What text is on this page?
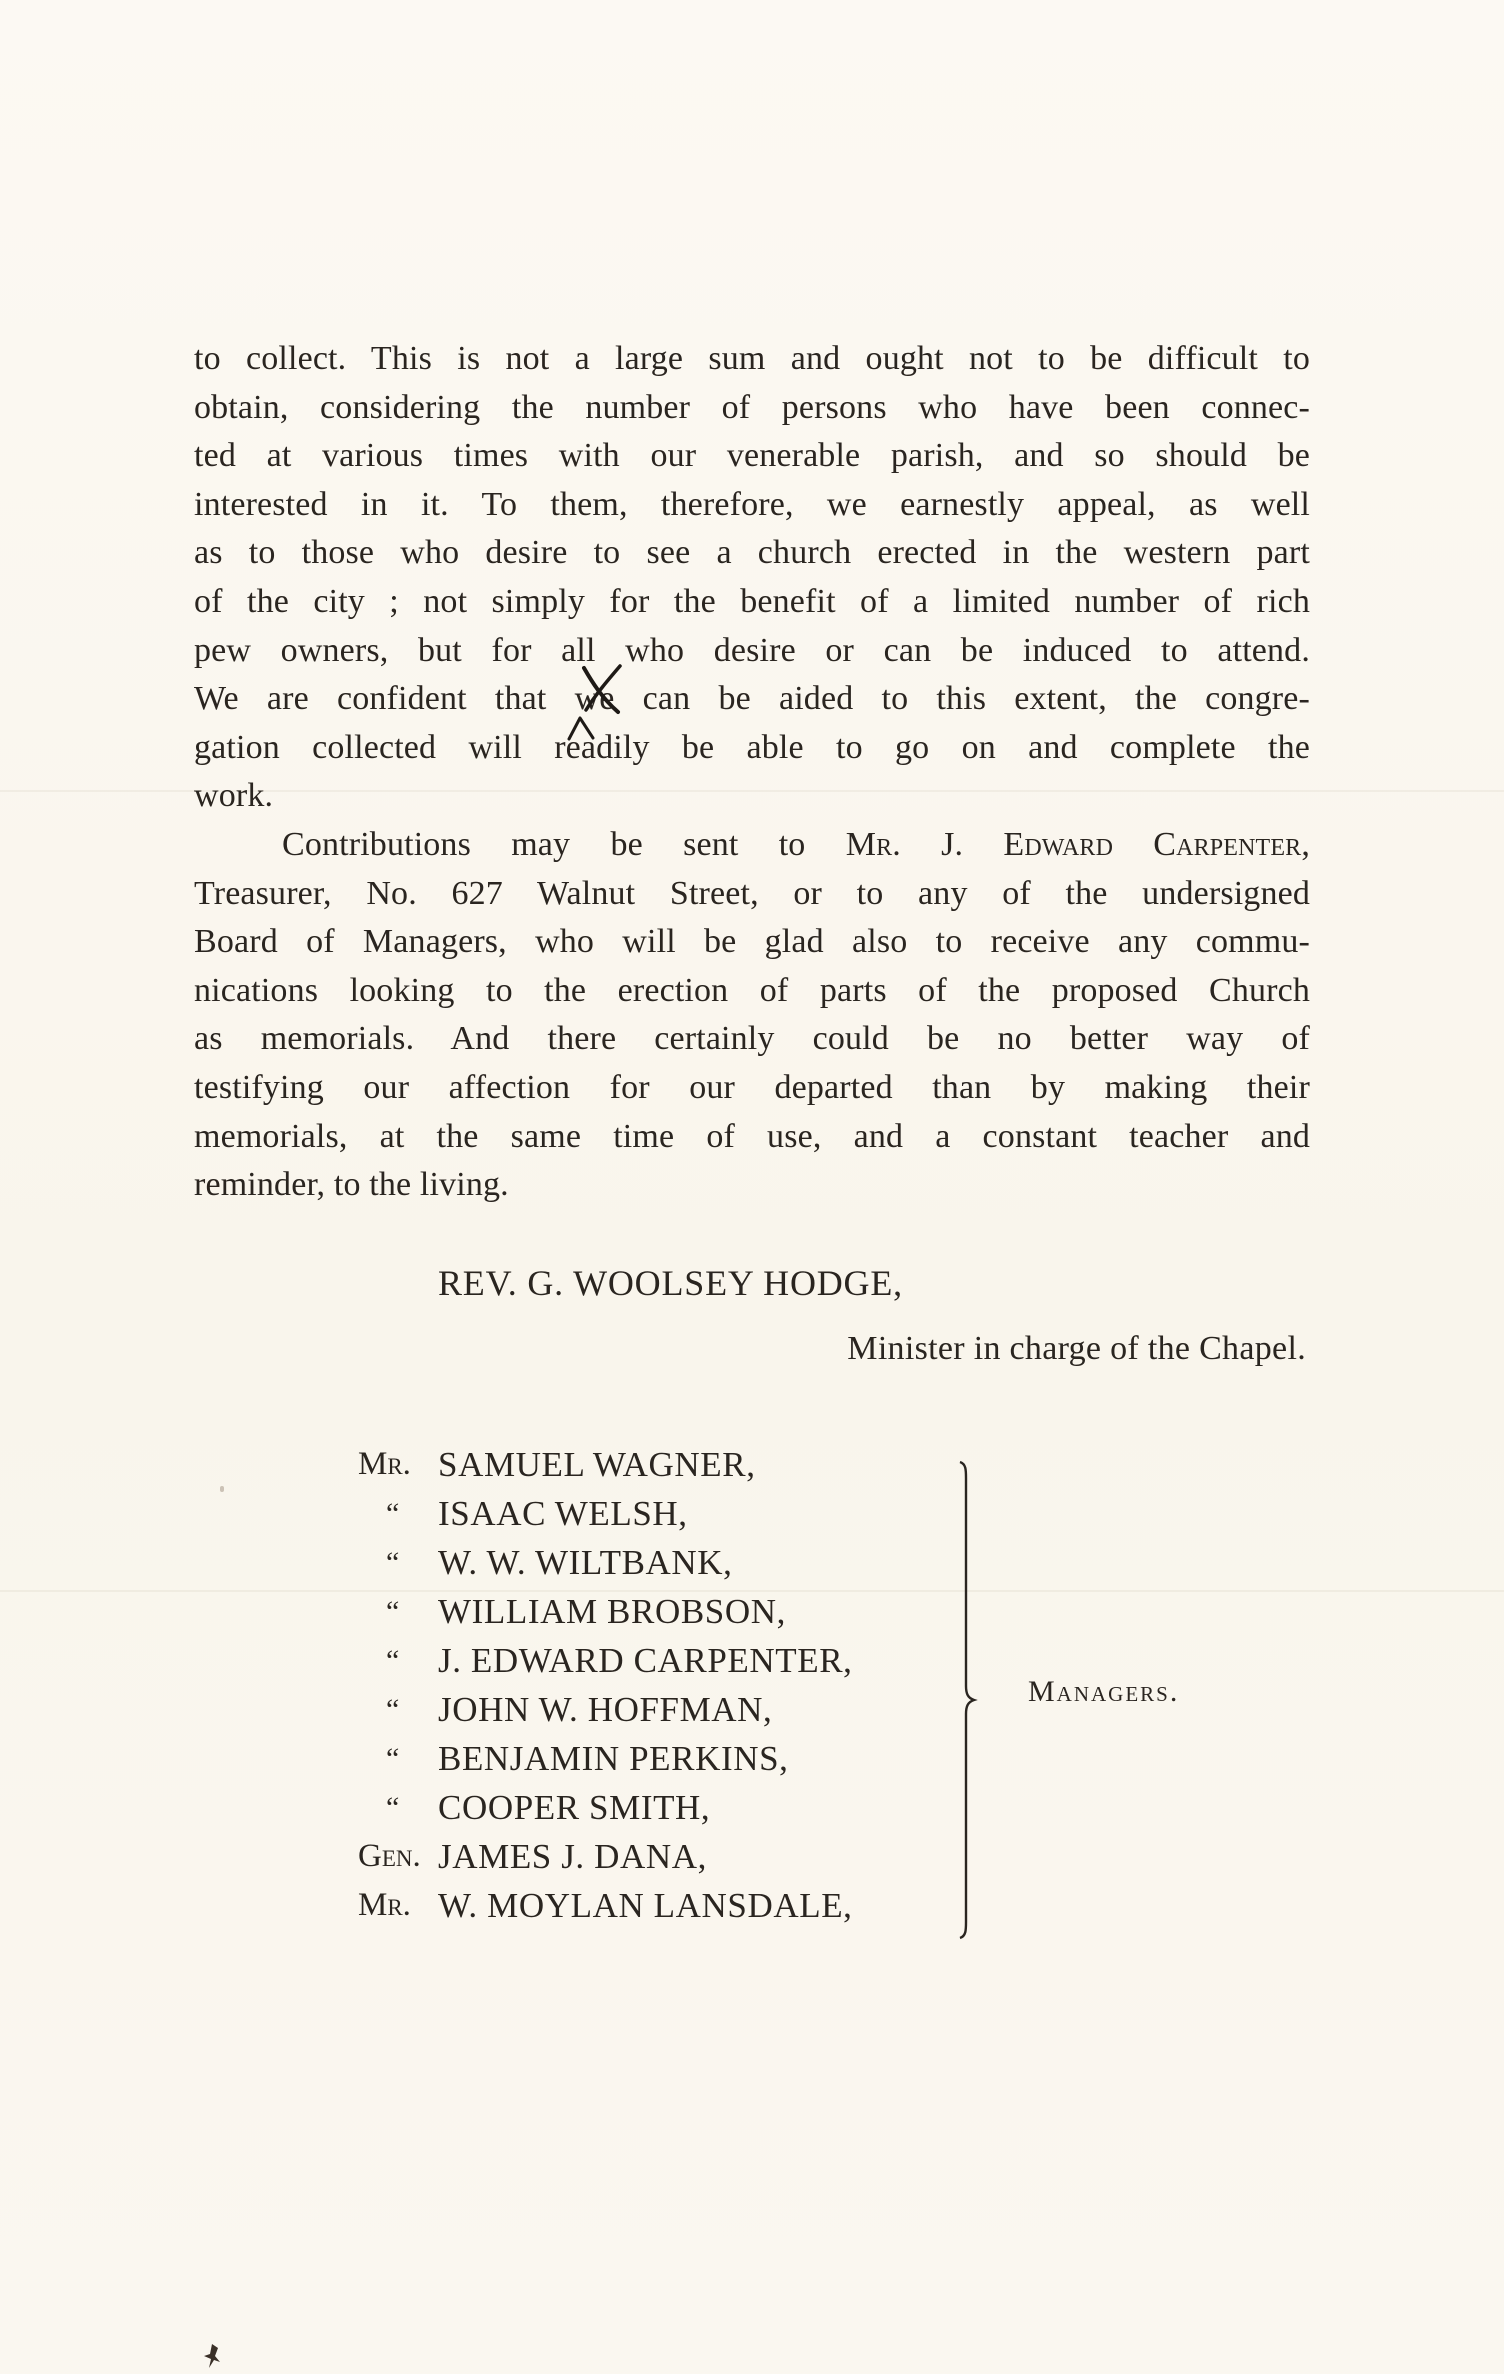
to collect. This is not a large sum and ought not to be difficult to
obtain, considering the number of persons who have been connec-
ted at various times with our venerable parish, and so should be
interested in it. To them, therefore, we earnestly appeal, as well
as to those who desire to see a church erected in the western part
of the city ; not simply for the benefit of a limited number of rich
pew owners, but for all who desire or can be induced to attend.
We are confident that we can be aided to this extent, the congre-
gation collected will readily be able to go on and complete the
work.
Contributions may be sent to Mr. J. Edward Carpenter,
Treasurer, No. 627 Walnut Street, or to any of the undersigned
Board of Managers, who will be glad also to receive any commu-
nications looking to the erection of parts of the proposed Church
as memorials. And there certainly could be no better way of
testifying our affection for our departed than by making their
memorials, at the same time of use, and a constant teacher and
reminder, to the living.
REV. G. WOOLSEY HODGE,
Minister in charge of the Chapel.
Mr. SAMUEL WAGNER,
“	ISAAC WELSH,
“	W. W. WILTBANK,
“	WILLIAM BROBSON,
“	J. EDWARD CARPENTER,
“	JOHN W. HOFFMAN,
“	BENJAMIN PERKINS,
“	COOPER SMITH,
Gen. JAMES J. DANA,
Mr. W. MOYLAN LANSDALE,
Managers.
